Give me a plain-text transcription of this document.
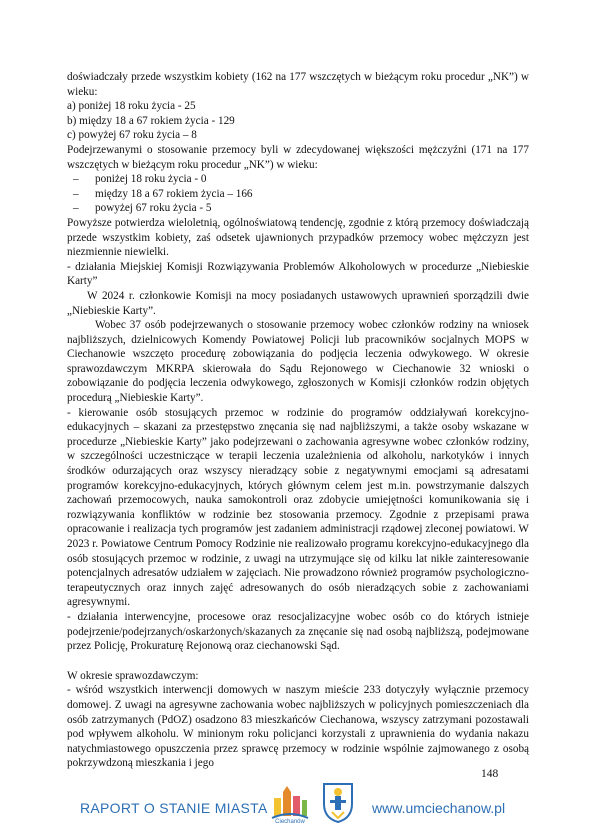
doświadczały przede wszystkim kobiety (162 na 177 wszczętych w bieżącym roku procedur „NK”) w wieku:

a) poniżej 18 roku życia - 25

b) między 18 a 67 rokiem życia - 129

c) powyżej 67 roku życia – 8

Podejrzewanymi o stosowanie przemocy byli w zdecydowanej większości mężczyźni (171 na 177 wszczętych w bieżącym roku procedur „NK”) w wieku:

–	poniżej 18 roku życia - 0
–	między 18 a 67 rokiem życia – 166
–	powyżej 67 roku życia - 5

Powyższe potwierdza wieloletnią, ogólnoświatową tendencję, zgodnie z którą przemocy doświadczają przede wszystkim kobiety, zaś odsetek ujawnionych przypadków przemocy wobec mężczyzn jest niezmiennie niewielki.

- działania Miejskiej Komisji Rozwiązywania Problemów Alkoholowych w procedurze „Niebieskie Karty”

W 2024 r. członkowie Komisji na mocy posiadanych ustawowych uprawnień sporządzili dwie „Niebieskie Karty”.

Wobec 37 osób podejrzewanych o stosowanie przemocy wobec członków rodziny na wniosek najbliższych, dzielnicowych Komendy Powiatowej Policji lub pracowników socjalnych MOPS w Ciechanowie wszczęto procedurę zobowiązania do podjęcia leczenia odwykowego. W okresie sprawozdawczym MKRPA skierowała do Sądu Rejonowego w Ciechanowie 32 wnioski o zobowiązanie do podjęcia leczenia odwykowego, zgłoszonych w Komisji członków rodzin objętych procedurą „Niebieskie Karty”.

- kierowanie osób stosujących przemoc w rodzinie do programów oddziaływań korekcyjno-edukacyjnych – skazani za przestępstwo znęcania się nad najbliższymi, a także osoby wskazane w procedurze „Niebieskie Karty” jako podejrzewani o zachowania agresywne wobec członków rodziny, w szczególności uczestniczące w terapii leczenia uzależnienia od alkoholu, narkotyków i innych środków odurzających oraz wszyscy nieradzący sobie z negatywnymi emocjami są adresatami programów korekcyjno-edukacyjnych, których głównym celem jest m.in. powstrzymanie dalszych zachowań przemocowych, nauka samokontroli oraz zdobycie umiejętności komunikowania się i rozwiązywania konfliktów w rodzinie bez stosowania przemocy. Zgodnie z przepisami prawa opracowanie i realizacja tych programów jest zadaniem administracji rządowej zleconej powiatowi. W 2023 r. Powiatowe Centrum Pomocy Rodzinie nie realizowało programu korekcyjno-edukacyjnego dla osób stosujących przemoc w rodzinie, z uwagi na utrzymujące się od kilku lat nikłe zainteresowanie potencjalnych adresatów udziałem w zajęciach. Nie prowadzono również programów psychologiczno-terapeutycznych oraz innych zajęć adresowanych do osób nieradzących sobie z zachowaniami agresywnymi.

- działania interwencyjne, procesowe oraz resocjalizacyjne wobec osób co do których istnieje podejrzenie/podejrzanych/oskarżonych/skazanych za znęcanie się nad osobą najbliższą, podejmowane przez Policję, Prokuraturę Rejonową oraz ciechanowski Sąd.

W okresie sprawozdawczym:

- wśród wszystkich interwencji domowych w naszym mieście 233 dotyczyły wyłącznie przemocy domowej. Z uwagi na agresywne zachowania wobec najbliższych w policyjnych pomieszczeniach dla osób zatrzymanych (PdOZ) osadzono 83 mieszkańców Ciechanowa, wszyscy zatrzymani pozostawali pod wpływem alkoholu. W minionym roku policjanci korzystali z uprawnienia do wydania nakazu natychmiastowego opuszczenia przez sprawcę przemocy w rodzinie wspólnie zajmowanego z osobą pokrzywdzoną mieszkania i jego

148
RAPORT O STANIE MIASTA
Ciechanów
www.umciechanow.pl
